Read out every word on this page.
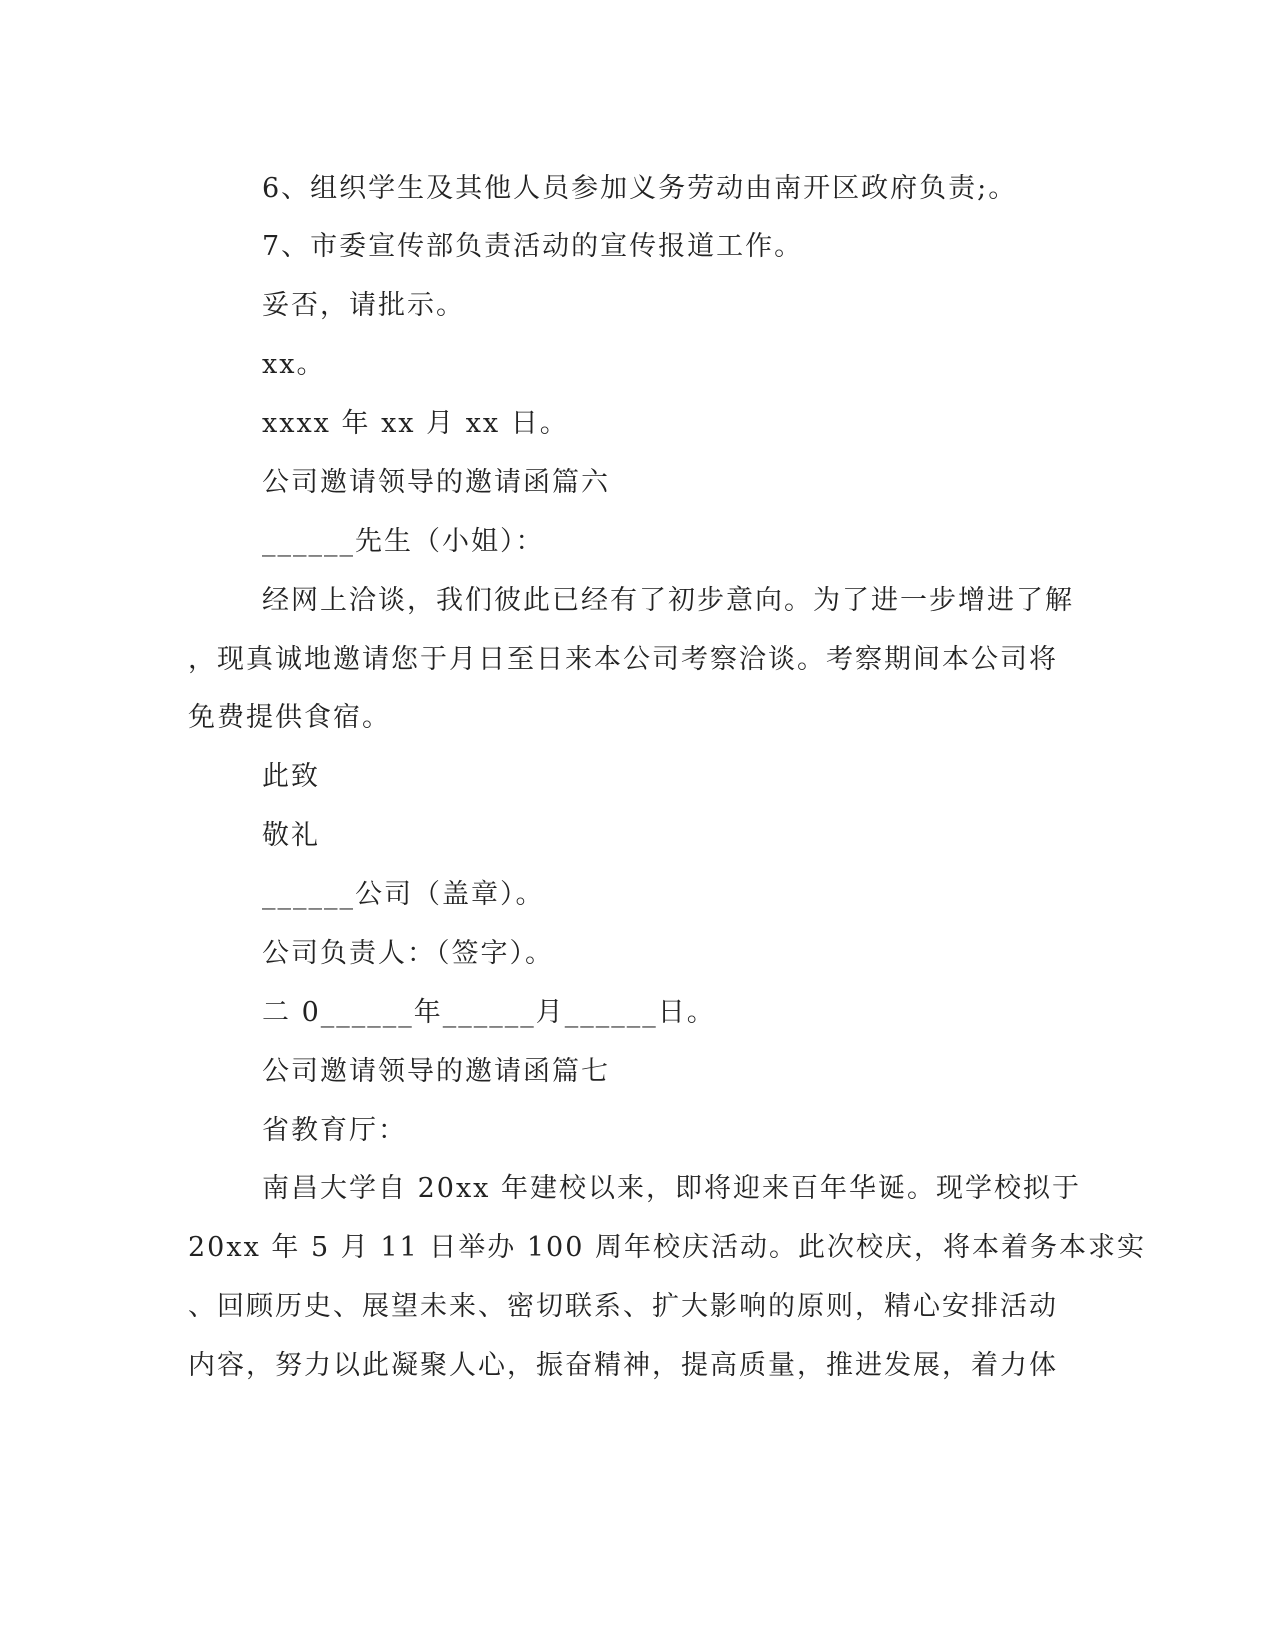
6、组织学生及其他人员参加义务劳动由南开区政府负责;。
7、市委宣传部负责活动的宣传报道工作。
妥否，请批示。
xx。
xxxx 年 xx 月 xx 日。
公司邀请领导的邀请函篇六
______先生（小姐）：
经网上洽谈，我们彼此已经有了初步意向。为了进一步增进了解
，现真诚地邀请您于月日至日来本公司考察洽谈。考察期间本公司将
免费提供食宿。
此致
敬礼
______公司（盖章）。
公司负责人：（签字）。
二 0______年______月______日。
公司邀请领导的邀请函篇七
省教育厅：
南昌大学自 20xx 年建校以来，即将迎来百年华诞。现学校拟于
20xx 年 5 月 11 日举办 100 周年校庆活动。此次校庆，将本着务本求实
、回顾历史、展望未来、密切联系、扩大影响的原则，精心安排活动
内容，努力以此凝聚人心，振奋精神，提高质量，推进发展，着力体
